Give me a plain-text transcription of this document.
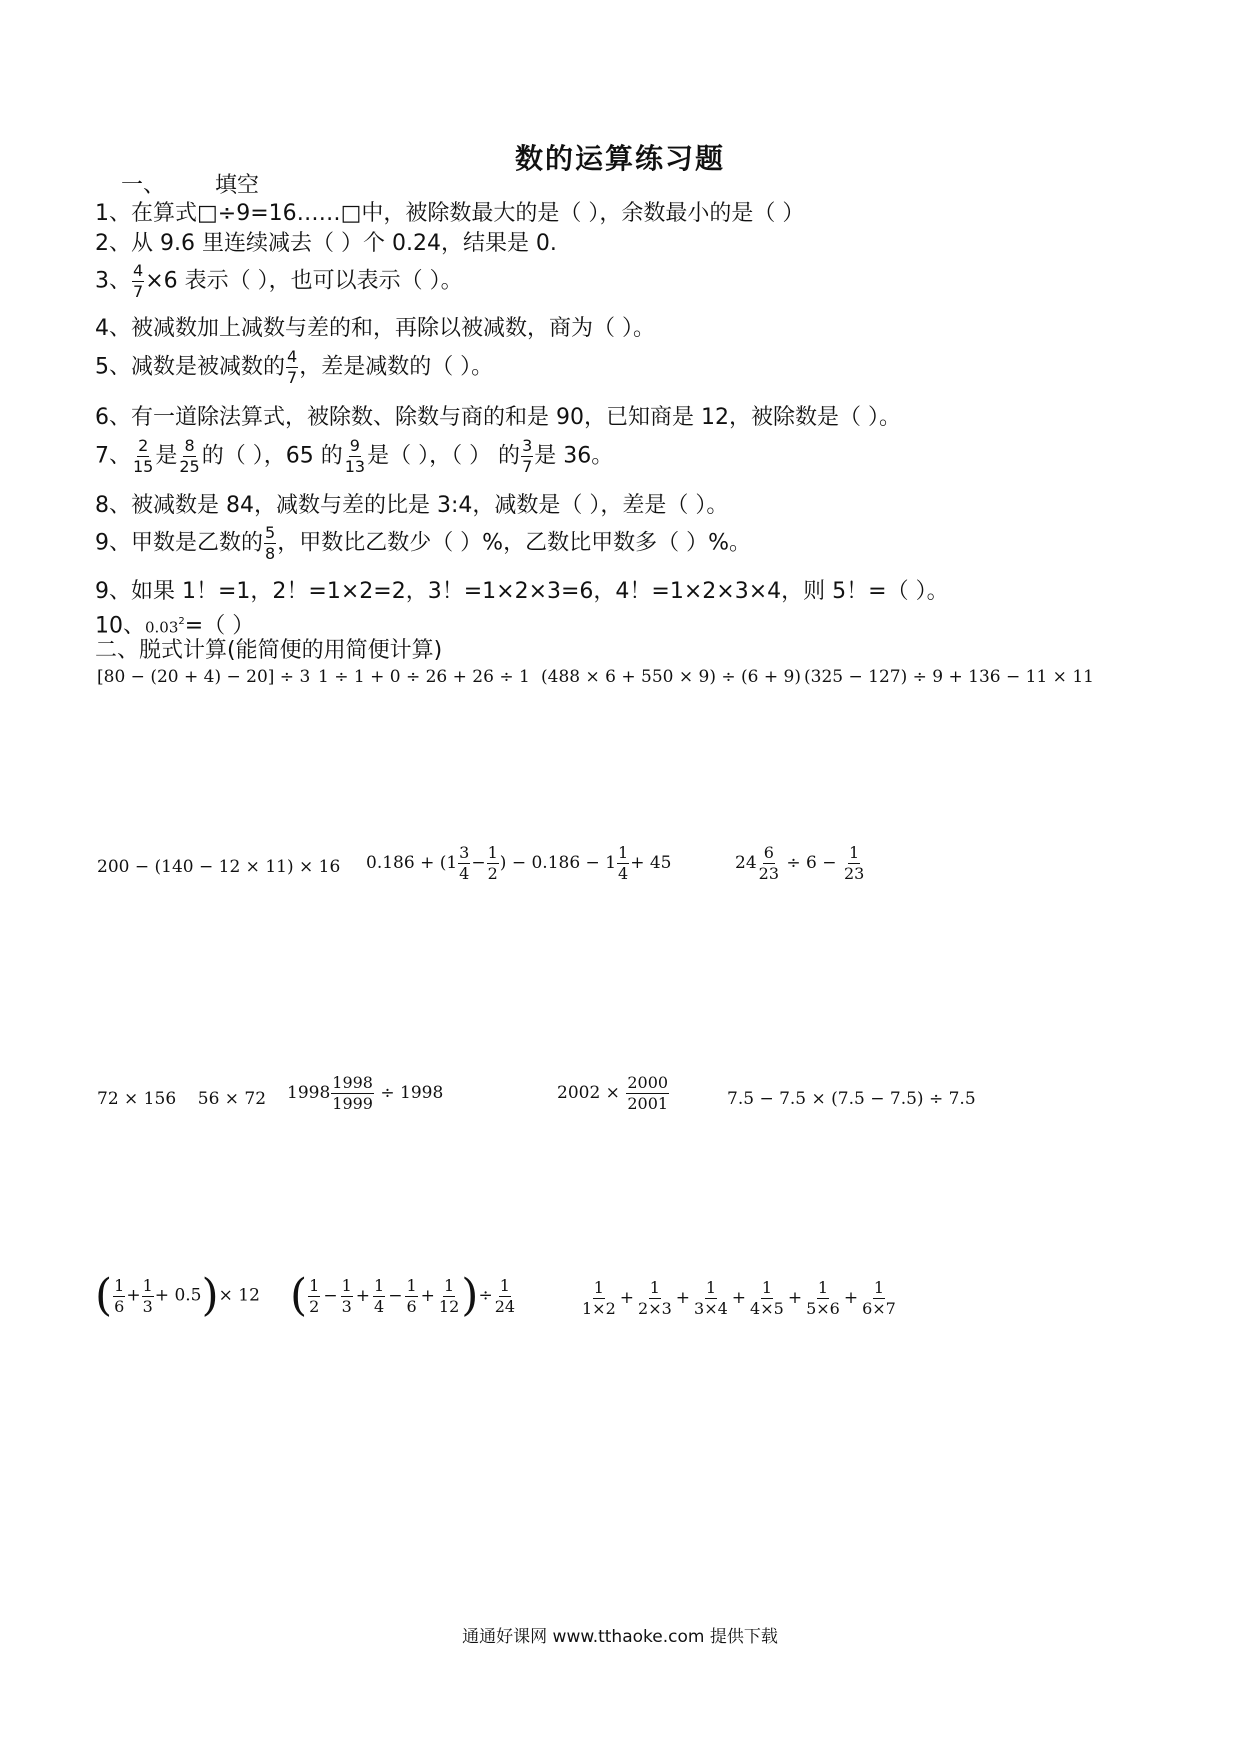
数的运算练习题
一、 填空
1、在算式□÷9=16……□中，被除数最大的是（ ），余数最小的是（ ）
2、从 9.6 里连续减去（ ）个 0.24，结果是 0.
3、 $\frac{4}{7} \times 6$ 表示（ ），也可以表示（ ）。
4、被减数加上减数与差的和，再除以被减数，商为（ ）。
5、减数是被减数的 $\frac{4}{7}$ ，差是减数的（ ）。
6、有一道除法算式，被除数、除数与商的和是 90，已知商是 12，被除数是（ ）。
7、 $\frac{2}{15}$ 是 $\frac{8}{25}$ 的（ ），65 的 $\frac{9}{13}$ 是（ ），（ ） 的 $\frac{3}{7}$ 是 36。
8、被减数是 84，减数与差的比是 3:4，减数是（ ），差是（ ）。
9、甲数是乙数的 $\frac{5}{8}$ ，甲数比乙数少（ ）%，乙数比甲数多（ ）%。
9、如果 1！=1，2！=1×2=2，3！=1×2×3=6，4！=1×2×3×4，则 5！=（ ）。
10、$0.03^2=$（ ）
二、脱式计算(能简便的用简便计算)
[80 − (20 + 4) − 20] ÷ 3 1 ÷ 1 + 0 ÷ 26 + 26 ÷ 1 (488 × 6 + 550 × 9) ÷ (6 + 9) (325 − 127) ÷ 9 + 136 − 11 × 11
200 − (140 − 12 × 11) × 16 $0.186 + (1 \frac{3}{4} - \frac{1}{2}$ ) − $0.186 - 1 \frac{1}{4} + 45$	$24 \frac{6}{23} \div 6 - \frac{1}{23}$
72 × 156    56 × 72 $1998 \frac{1998}{1999} \div 1998$	$2002 \times \frac{2000}{2001}$	7.5 − 7.5 × (7.5 − 7.5) ÷ 7.5
( $\frac{1}{6} + \frac{1}{3} + 0.5)\times 12$ ( $\frac{1}{2} - \frac{1}{3} + \frac{1}{4} - \frac{1}{6} + \frac{1}{12}$ )÷ $\frac{1}{24}$	$\frac{1}{1\times 2} + \frac{1}{2\times 3} + \frac{1}{3\times 4} + \frac{1}{4\times 5} + \frac{1}{5\times 6} + \frac{1}{6\times 7}$
通通好课网 www.tthaoke.com 提供下载
